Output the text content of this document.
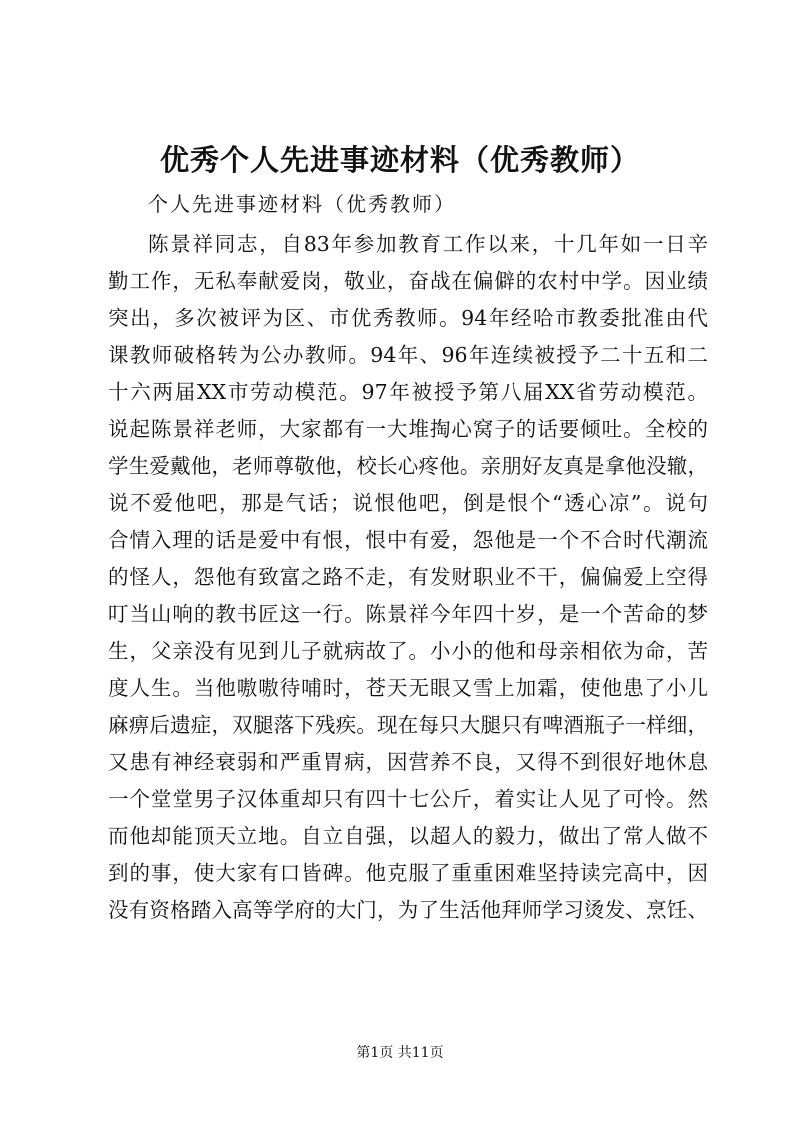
优秀个人先进事迹材料（优秀教师）
个人先进事迹材料（优秀教师）
陈景祥同志，自83年参加教育工作以来，十几年如一日辛
勤工作，无私奉献爱岗，敬业，奋战在偏僻的农村中学。因业绩
突出，多次被评为区、市优秀教师。94年经哈市教委批准由代
课教师破格转为公办教师。94年、96年连续被授予二十五和二
十六两届XX市劳动模范。97年被授予第八届XX省劳动模范。
说起陈景祥老师，大家都有一大堆掏心窝子的话要倾吐。全校的
学生爱戴他，老师尊敬他，校长心疼他。亲朋好友真是拿他没辙，
说不爱他吧，那是气话；说恨他吧，倒是恨个“透心凉”。说句
合情入理的话是爱中有恨，恨中有爱，怨他是一个不合时代潮流
的怪人，怨他有致富之路不走，有发财职业不干，偏偏爱上空得
叮当山响的教书匠这一行。陈景祥今年四十岁，是一个苦命的梦
生，父亲没有见到儿子就病故了。小小的他和母亲相依为命，苦
度人生。当他嗷嗷待哺时，苍天无眼又雪上加霜，使他患了小儿
麻痹后遗症，双腿落下残疾。现在每只大腿只有啤酒瓶子一样细，
又患有神经衰弱和严重胃病，因营养不良，又得不到很好地休息
一个堂堂男子汉体重却只有四十七公斤，着实让人见了可怜。然
而他却能顶天立地。自立自强，以超人的毅力，做出了常人做不
到的事，使大家有口皆碑。他克服了重重困难坚持读完高中，因
没有资格踏入高等学府的大门，为了生活他拜师学习烫发、烹饪、
第1页 共11页
